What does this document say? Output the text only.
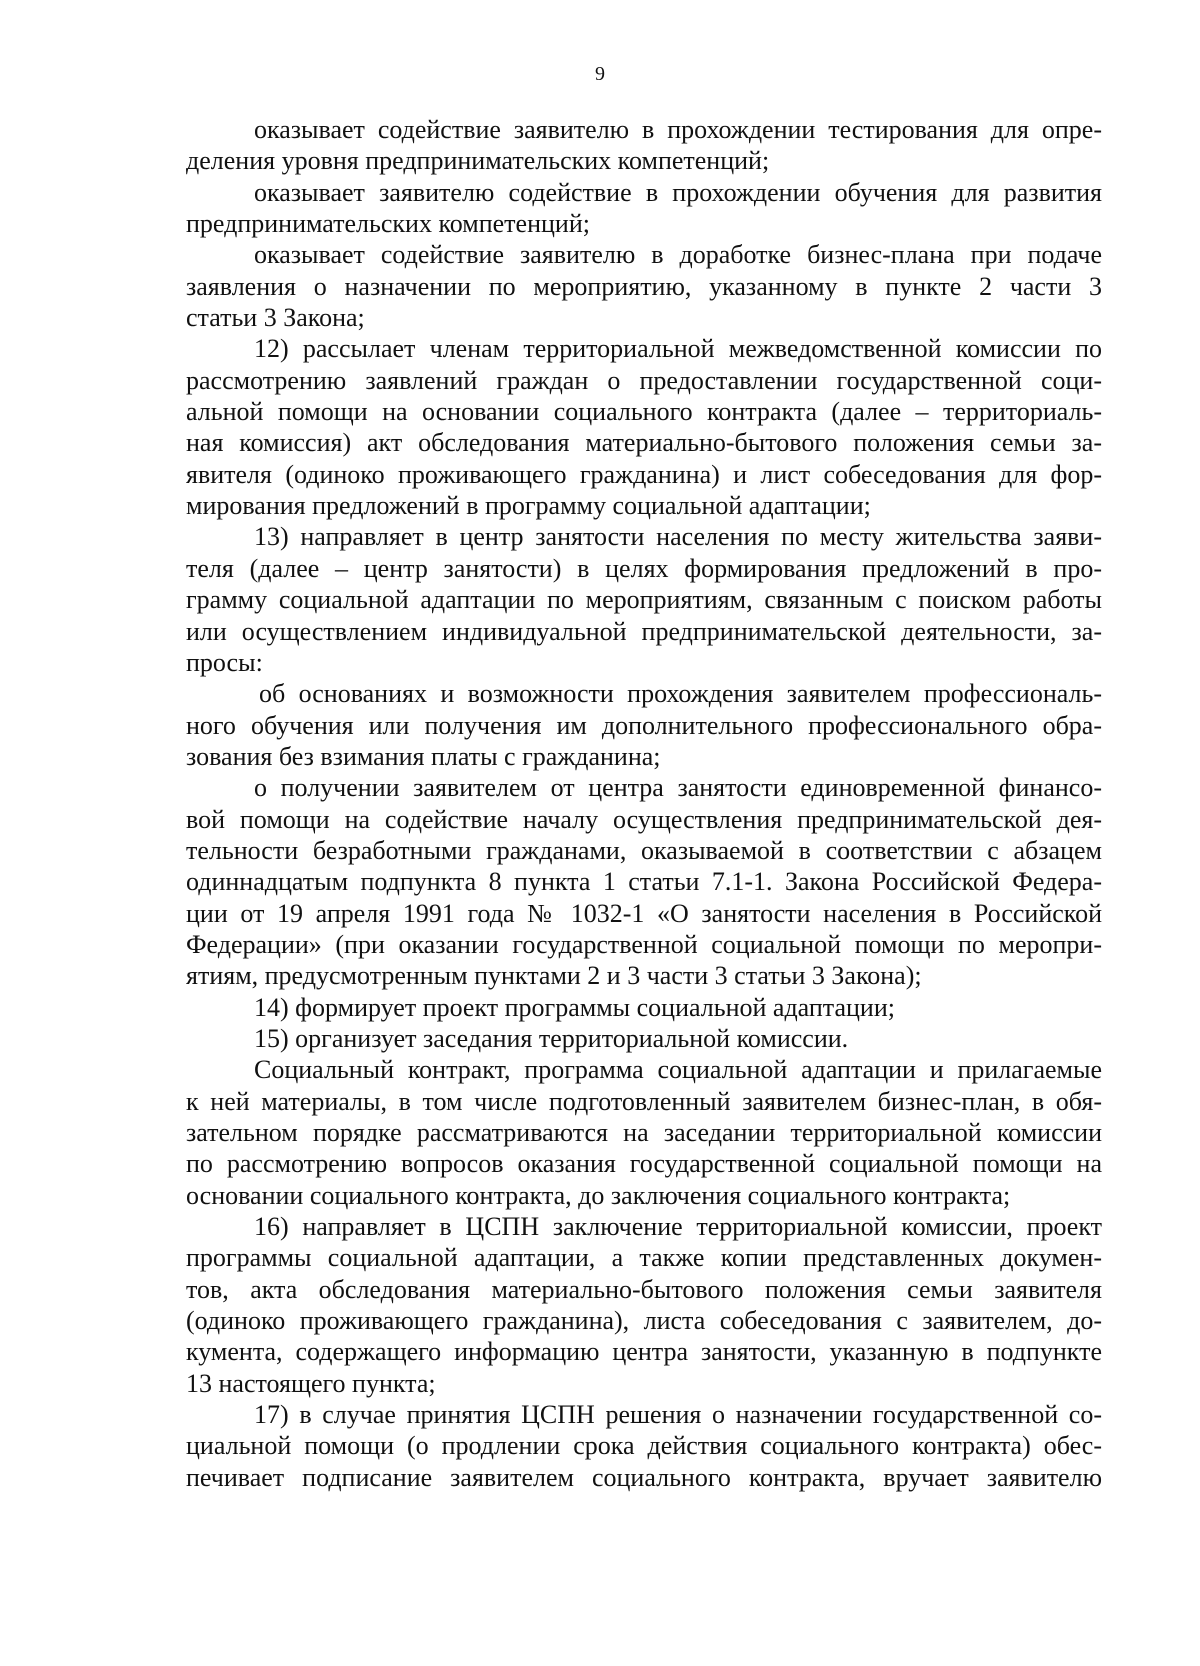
9
оказывает содействие заявителю в прохождении тестирования для опре-
деления уровня предпринимательских компетенций;
оказывает заявителю содействие в прохождении обучения для развития
предпринимательских компетенций;
оказывает содействие заявителю в доработке бизнес-плана при подаче
заявления о назначении по мероприятию, указанному в пункте 2 части 3
статьи 3 Закона;
12) рассылает членам территориальной межведомственной комиссии по
рассмотрению заявлений граждан о предоставлении государственной соци-
альной помощи на основании социального контракта (далее – территориаль-
ная комиссия) акт обследования материально-бытового положения семьи за-
явителя (одиноко проживающего гражданина) и лист собеседования для фор-
мирования предложений в программу социальной адаптации;
13) направляет в центр занятости населения по месту жительства заяви-
теля (далее – центр занятости) в целях формирования предложений в про-
грамму социальной адаптации по мероприятиям, связанным с поиском работы
или осуществлением индивидуальной предпринимательской деятельности, за-
просы:
об основаниях и возможности прохождения заявителем профессиональ-
ного обучения или получения им дополнительного профессионального обра-
зования без взимания платы с гражданина;
о получении заявителем от центра занятости единовременной финансо-
вой помощи на содействие началу осуществления предпринимательской дея-
тельности безработными гражданами, оказываемой в соответствии с абзацем
одиннадцатым подпункта 8 пункта 1 статьи 7.1-1. Закона Российской Федера-
ции от 19 апреля 1991 года № 1032-1 «О занятости населения в Российской
Федерации» (при оказании государственной социальной помощи по меропри-
ятиям, предусмотренным пунктами 2 и 3 части 3 статьи 3 Закона);
14) формирует проект программы социальной адаптации;
15) организует заседания территориальной комиссии.
Социальный контракт, программа социальной адаптации и прилагаемые
к ней материалы, в том числе подготовленный заявителем бизнес-план, в обя-
зательном порядке рассматриваются на заседании территориальной комиссии
по рассмотрению вопросов оказания государственной социальной помощи на
основании социального контракта, до заключения социального контракта;
16) направляет в ЦСПН заключение территориальной комиссии, проект
программы социальной адаптации, а также копии представленных докумен-
тов, акта обследования материально-бытового положения семьи заявителя
(одиноко проживающего гражданина), листа собеседования с заявителем, до-
кумента, содержащего информацию центра занятости, указанную в подпункте
13 настоящего пункта;
17) в случае принятия ЦСПН решения о назначении государственной со-
циальной помощи (о продлении срока действия социального контракта) обес-
печивает подписание заявителем социального контракта, вручает заявителю
